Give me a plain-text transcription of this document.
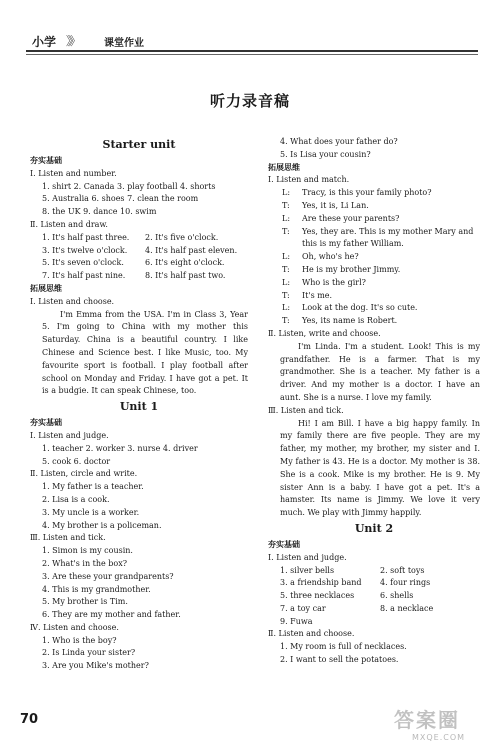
小学 》》	课堂作业
听力录音稿
Starter unit
夯实基础
Ⅰ. Listen and number.
1. shirt 2. Canada 3. play football 4. shorts
5. Australia 6. shoes 7. clean the room
8. the UK 9. dance 10. swim
Ⅱ. Listen and draw.
1. It's half past three.	2. It's five o'clock.
3. It's twelve o'clock.	4. It's half past eleven.
5. It's seven o'clock.	6. It's eight o'clock.
7. It's half past nine.	8. It's half past two.
拓展思维
Ⅰ. Listen and choose.
I'm Emma from the USA. I'm in Class 3, Year 5. I'm going to China with my mother this Saturday. China is a beautiful country. I like Chinese and Science best. I like Music, too. My favourite sport is football. I play football after school on Monday and Friday. I have got a pet. It is a budgie. It can speak Chinese, too.
Unit 1
夯实基础
Ⅰ. Listen and judge.
1. teacher 2. worker 3. nurse 4. driver
5. cook 6. doctor
Ⅱ. Listen, circle and write.
1. My father is a teacher.
2. Lisa is a cook.
3. My uncle is a worker.
4. My brother is a policeman.
Ⅲ. Listen and tick.
1. Simon is my cousin.
2. What's in the box?
3. Are these your grandparents?
4. This is my grandmother.
5. My brother is Tim.
6. They are my mother and father.
Ⅳ. Listen and choose.
1. Who is the boy?
2. Is Linda your sister?
3. Are you Mike's mother?
4. What does your father do?
5. Is Lisa your cousin?
拓展思维
Ⅰ. Listen and match.
L:	Tracy, is this your family photo?
T:	Yes, it is, Li Lan.
L:	Are these your parents?
T:	Yes, they are. This is my mother Mary and this is my father William.
L:	Oh, who's he?
T:	He is my brother Jimmy.
L:	Who is the girl?
T:	It's me.
L:	Look at the dog. It's so cute.
T:	Yes, its name is Robert.
Ⅱ. Listen, write and choose.
I'm Linda. I'm a student. Look! This is my grandfather. He is a farmer. That is my grandmother. She is a teacher. My father is a driver. And my mother is a doctor. I have an aunt. She is a nurse. I love my family.
Ⅲ. Listen and tick.
Hi! I am Bill. I have a big happy family. In my family there are five people. They are my father, my mother, my brother, my sister and I. My father is 43. He is a doctor. My mother is 38. She is a cook. Mike is my brother. He is 9. My sister Ann is a baby. I have got a pet. It's a hamster. Its name is Jimmy. We love it very much. We play with Jimmy happily.
Unit 2
夯实基础
Ⅰ. Listen and judge.
1. silver bells	2. soft toys
3. a friendship band	4. four rings
5. three necklaces	6. shells
7. a toy car	8. a necklace
9. Fuwa
Ⅱ. Listen and choose.
1. My room is full of necklaces.
2. I want to sell the potatoes.
70	答案圈
MXQE.COM
